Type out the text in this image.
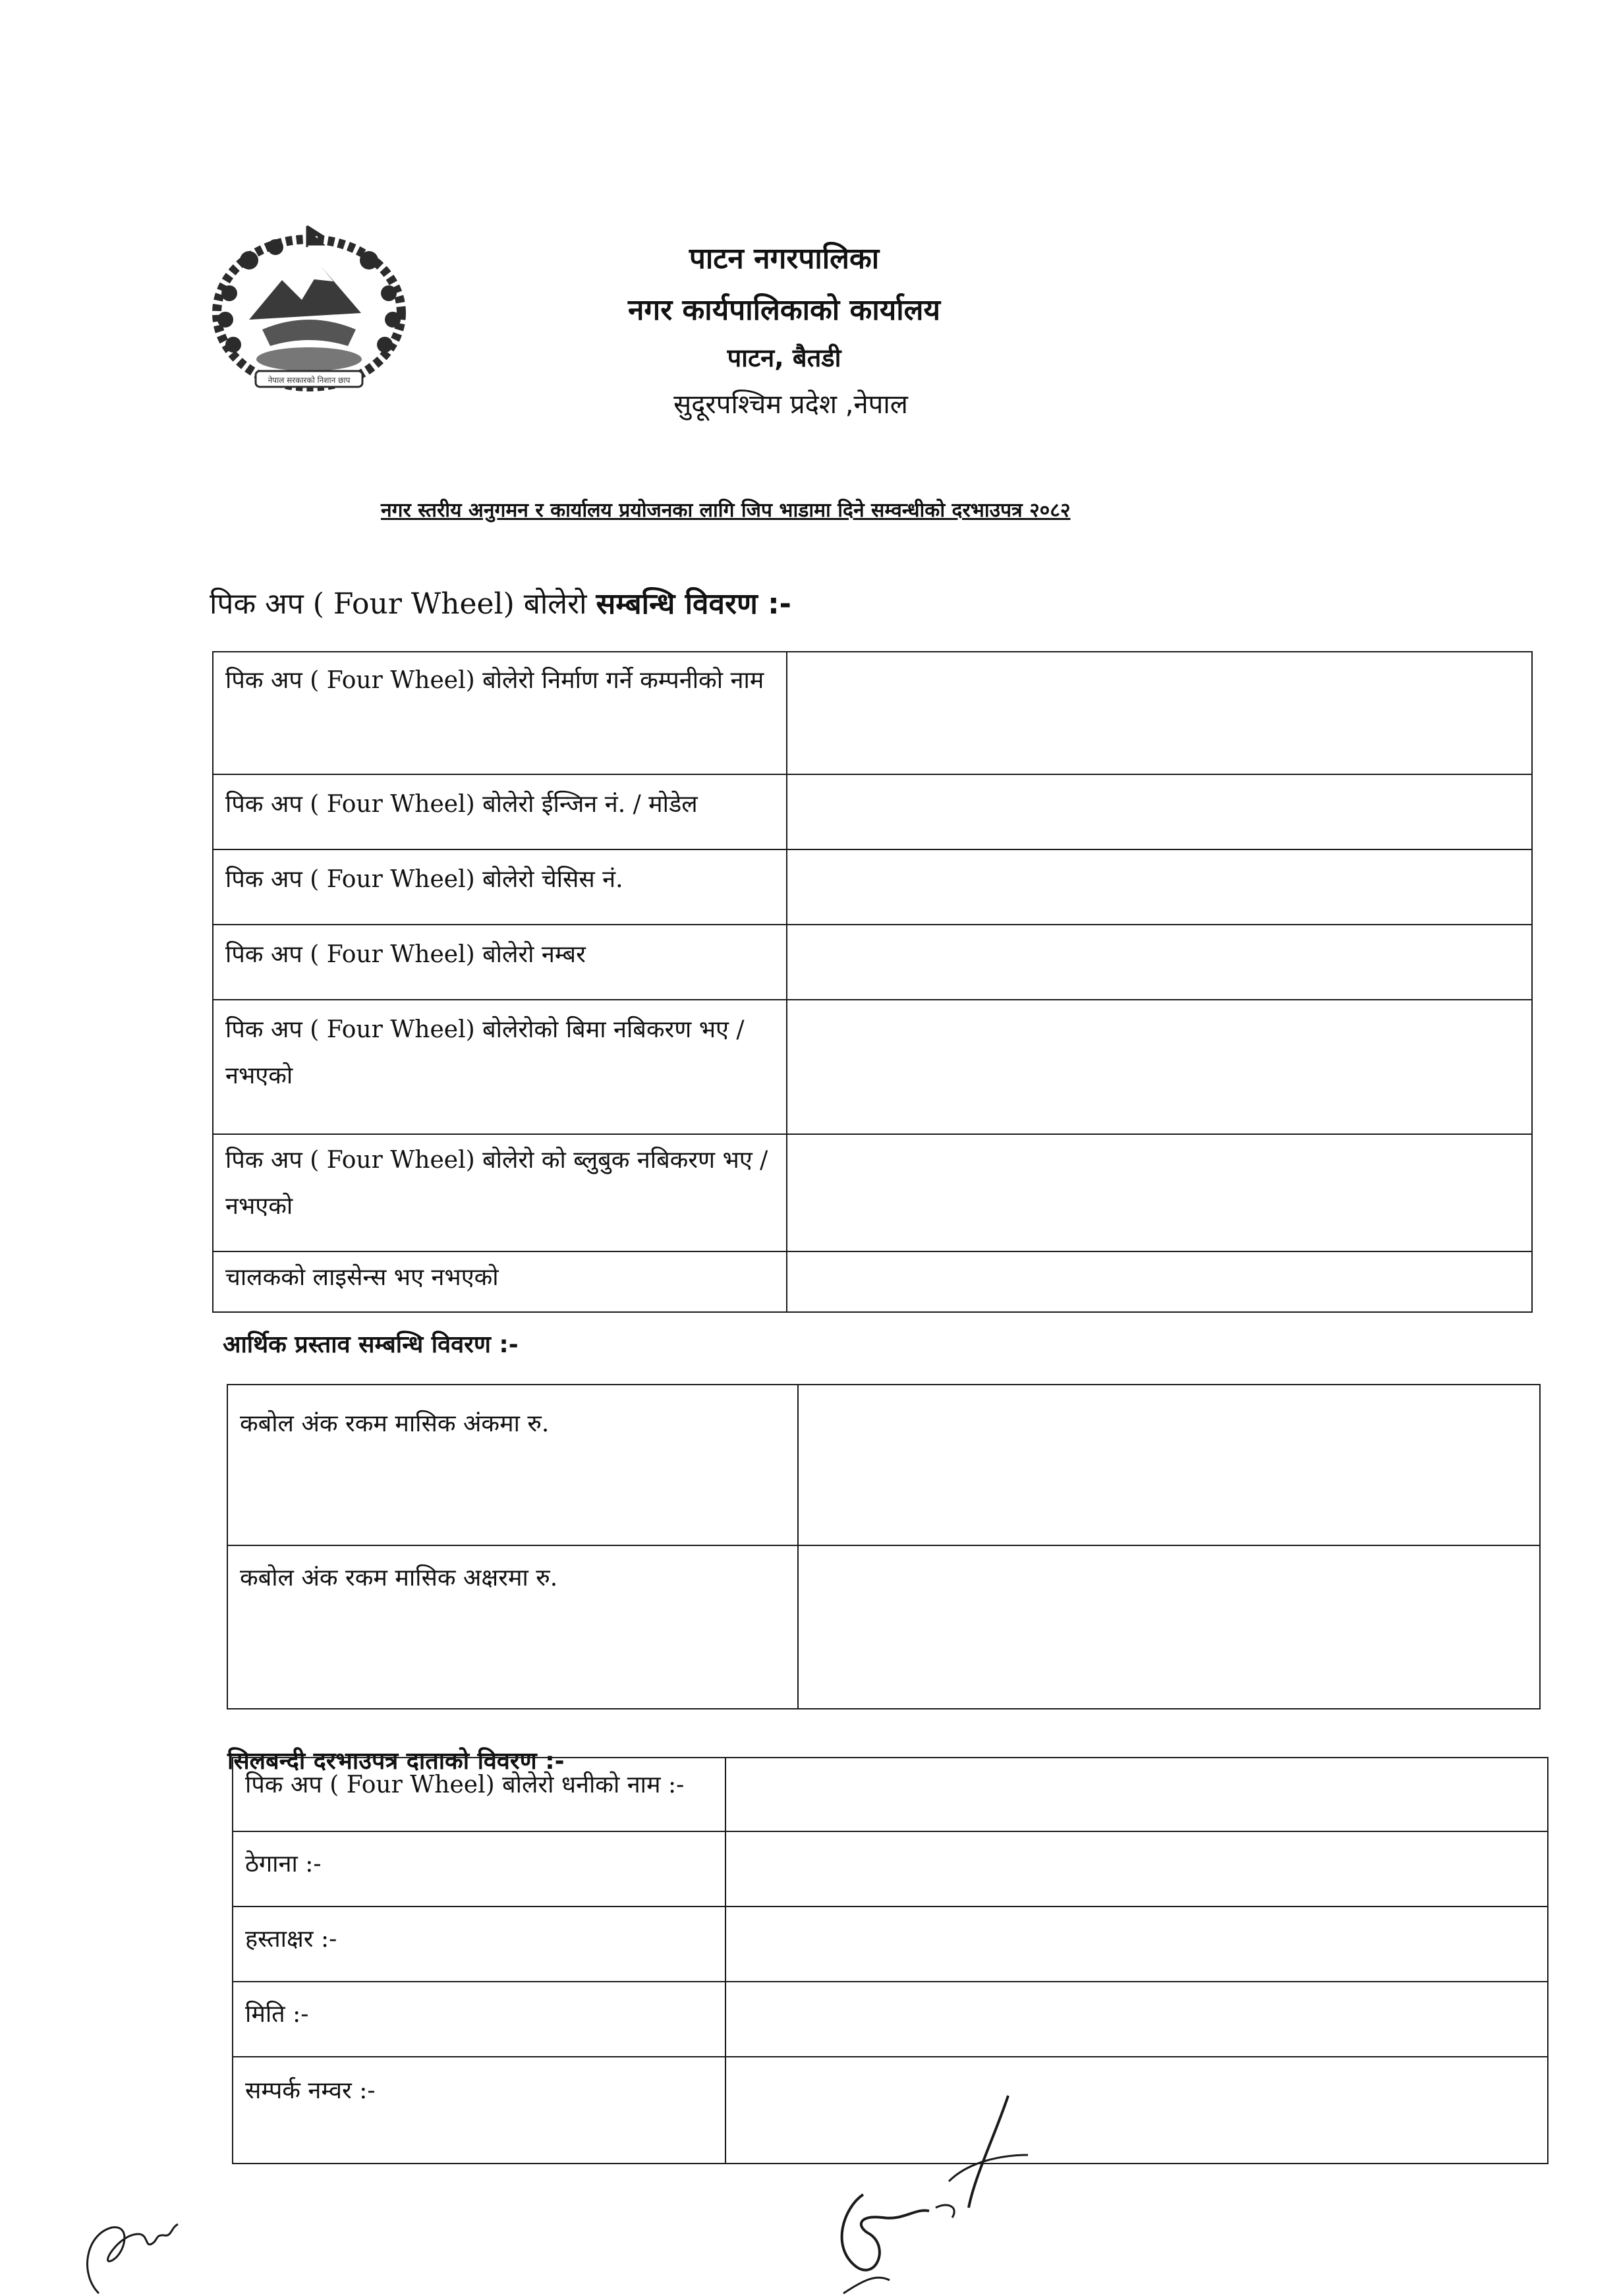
नेपाल सरकारको निशान छाप
पाटन नगरपालिका
नगर कार्यपालिकाको कार्यालय
पाटन, बैतडी
सुदूरपश्चिम प्रदेश ,नेपाल
नगर स्तरीय अनुगमन र कार्यालय प्रयोजनका लागि जिप भाडामा दिने सम्वन्धीको दरभाउपत्र २०८२
पिक अप ( Four Wheel) बोलेरो सम्बन्धि विवरण :-
पिक अप ( Four Wheel) बोलेरो निर्माण गर्ने कम्पनीको नाम
पिक अप ( Four Wheel) बोलेरो ईन्जिन नं. / मोडेल
पिक अप ( Four Wheel) बोलेरो चेसिस नं.
पिक अप ( Four Wheel) बोलेरो नम्बर
पिक अप ( Four Wheel) बोलेरोको बिमा नबिकरण भए / नभएको
पिक अप ( Four Wheel) बोलेरो को ब्लुबुक नबिकरण भए / नभएको
चालकको लाइसेन्स भए नभएको
आर्थिक प्रस्ताव सम्बन्धि विवरण :-
कबोल अंक रकम मासिक अंकमा रु.
कबोल अंक रकम मासिक अक्षरमा रु.
सिलबन्दी दरभाउपत्र दाताको विवरण :-
पिक अप ( Four Wheel) बोलेरो धनीको नाम :-
ठेगाना :-
हस्ताक्षर :-
मिति :-
सम्पर्क नम्वर :-
